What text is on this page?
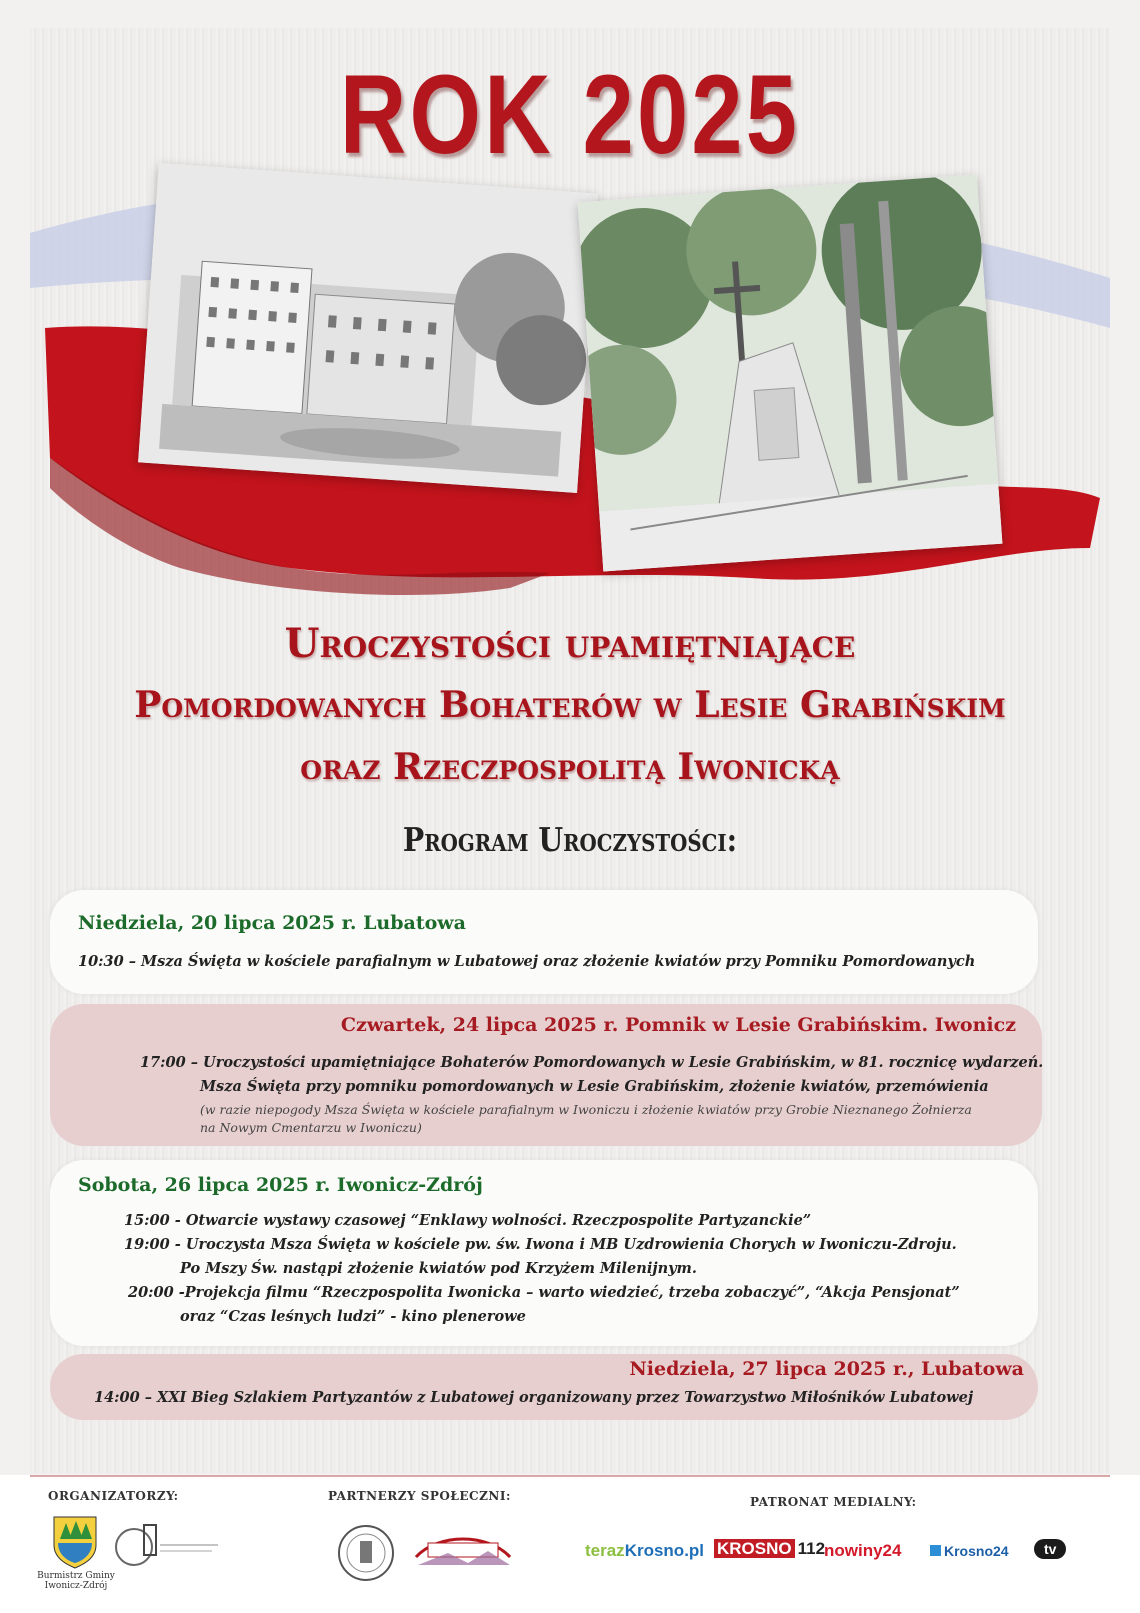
ROK 2025

Uroczystości upamiętniające

Pomordowanych Bohaterów w Lesie Grabińskim

oraz Rzeczpospolitą Iwonicką

Program Uroczystości:

Niedziela, 20 lipca 2025 r. Lubatowa

10:30 – Msza Święta w kościele parafialnym w Lubatowej oraz złożenie kwiatów przy Pomniku Pomordowanych

Czwartek, 24 lipca 2025 r. Pomnik w Lesie Grabińskim. Iwonicz

17:00 – Uroczystości upamiętniające Bohaterów Pomordowanych w Lesie Grabińskim, w 81. rocznicę wydarzeń.

Msza Święta przy pomniku pomordowanych w Lesie Grabińskim, złożenie kwiatów, przemówienia

(w razie niepogody Msza Święta w kościele parafialnym w Iwoniczu i złożenie kwiatów przy Grobie Nieznanego Żołnierza

na Nowym Cmentarzu w Iwoniczu)

Sobota, 26 lipca 2025 r. Iwonicz-Zdrój

15:00 - Otwarcie wystawy czasowej “Enklawy wolności. Rzeczpospolite Partyzanckie”

19:00 - Uroczysta Msza Święta w kościele pw. św. Iwona i MB Uzdrowienia Chorych w Iwoniczu-Zdroju.

Po Mszy Św. nastąpi złożenie kwiatów pod Krzyżem Milenijnym.

20:00 -Projekcja filmu “Rzeczpospolita Iwonicka – warto wiedzieć, trzeba zobaczyć”, “Akcja Pensjonat”

oraz “Czas leśnych ludzi” - kino plenerowe

Niedziela, 27 lipca 2025 r., Lubatowa

14:00 – XXI Bieg Szlakiem Partyzantów z Lubatowej organizowany przez Towarzystwo Miłośników Lubatowej

ORGANIZATORZY:	PARTNERZY SPOŁECZNI:	PATRONAT MEDIALNY:

Burmistrz Gminy Iwonicz-Zdrój

terazKrosno.pl KROSNO 112
nowiny24	Krosno24	tv
